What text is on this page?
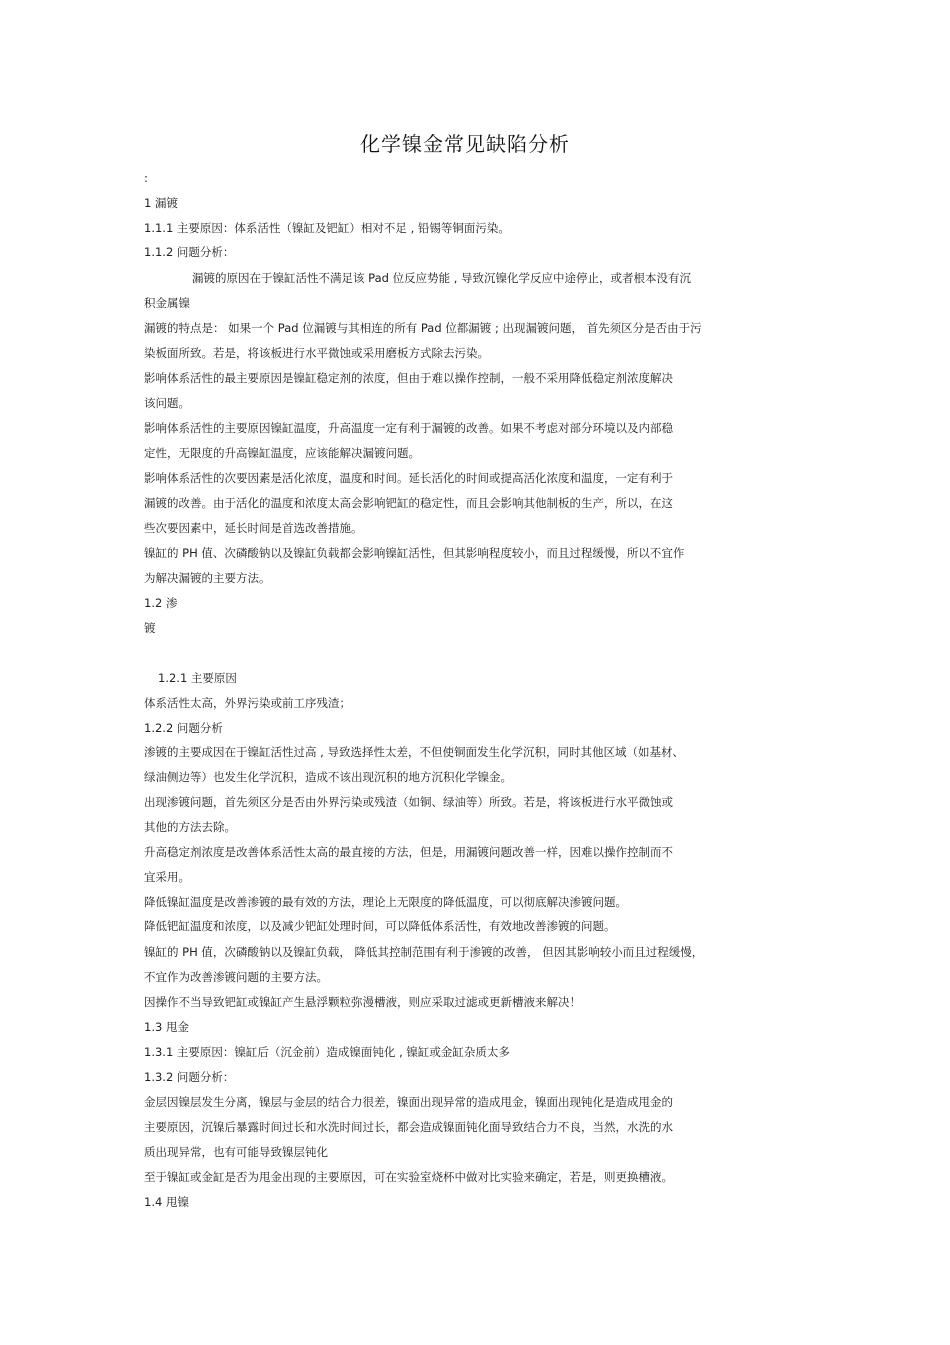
化学镍金常见缺陷分析
:
1 漏镀
1.1.1 主要原因：体系活性（镍缸及钯缸）相对不足 , 铅锡等铜面污染。
1.1.2 问题分析：
漏镀的原因在于镍缸活性不满足该 Pad 位反应势能 , 导致沉镍化学反应中途停止，或者根本没有沉
积金属镍
漏镀的特点是： 如果一个 Pad 位漏镀与其相连的所有 Pad 位都漏镀 ; 出现漏镀问题， 首先须区分是否由于污
染板面所致。若是，将该板进行水平微蚀或采用磨板方式除去污染。
影响体系活性的最主要原因是镍缸稳定剂的浓度，但由于难以操作控制，一般不采用降低稳定剂浓度解决
该问题。
影响体系活性的主要原因镍缸温度，升高温度一定有利于漏镀的改善。如果不考虑对部分环境以及内部稳
定性，无限度的升高镍缸温度，应该能解决漏镀问题。
影响体系活性的次要因素是活化浓度，温度和时间。延长活化的时间或提高活化浓度和温度，一定有利于
漏镀的改善。由于活化的温度和浓度太高会影响钯缸的稳定性，而且会影响其他制板的生产，所以，在这
些次要因素中，延长时间是首选改善措施。
镍缸的 PH 值、次磷酸钠以及镍缸负载都会影响镍缸活性，但其影响程度较小，而且过程缓慢，所以不宜作
为解决漏镀的主要方法。
1.2 渗
镀
1.2.1 主要原因
体系活性太高，外界污染或前工序残渣；
1.2.2 问题分析
渗镀的主要成因在于镍缸活性过高 , 导致选择性太差，不但使铜面发生化学沉积，同时其他区域（如基材、
绿油侧边等）也发生化学沉积，造成不该出现沉积的地方沉积化学镍金。
出现渗镀问题，首先须区分是否由外界污染或残渣（如铜、绿油等）所致。若是，将该板进行水平微蚀或
其他的方法去除。
升高稳定剂浓度是改善体系活性太高的最直接的方法，但是，用漏镀问题改善一样，因难以操作控制而不
宜采用。
降低镍缸温度是改善渗镀的最有效的方法，理论上无限度的降低温度，可以彻底解决渗镀问题。
降低钯缸温度和浓度，以及减少钯缸处理时间，可以降低体系活性，有效地改善渗镀的问题。
镍缸的 PH 值，次磷酸钠以及镍缸负载， 降低其控制范围有利于渗镀的改善， 但因其影响较小而且过程缓慢，
不宜作为改善渗镀问题的主要方法。
因操作不当导致钯缸或镍缸产生悬浮颗粒弥漫槽液，则应采取过滤或更新槽液来解决！
1.3 甩金
1.3.1 主要原因：镍缸后（沉金前）造成镍面钝化 , 镍缸或金缸杂质太多
1.3.2 问题分析：
金层因镍层发生分离，镍层与金层的结合力很差，镍面出现异常的造成甩金，镍面出现钝化是造成甩金的
主要原因，沉镍后暴露时间过长和水洗时间过长，都会造成镍面钝化面导致结合力不良，当然，水洗的水
质出现异常，也有可能导致镍层钝化
至于镍缸或金缸是否为甩金出现的主要原因，可在实验室烧杯中做对比实验来确定，若是，则更换槽液。
1.4 甩镍
